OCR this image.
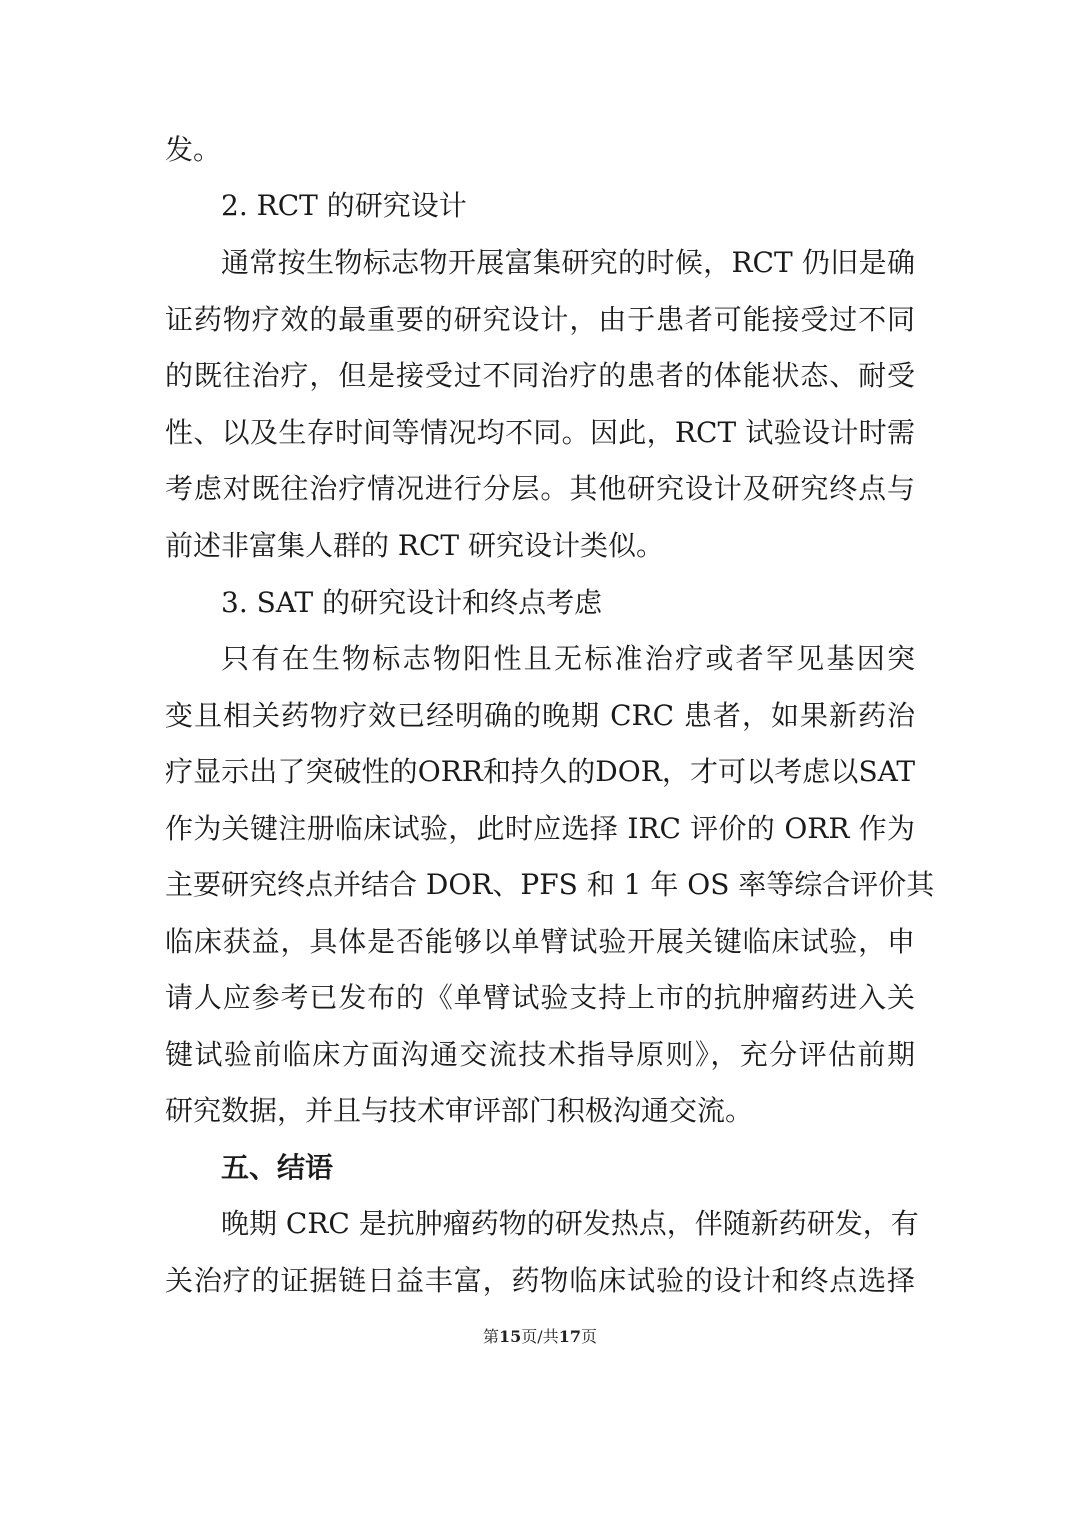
发。
2. RCT 的研究设计
通常按生物标志物开展富集研究的时候，RCT 仍旧是确
证药物疗效的最重要的研究设计，由于患者可能接受过不同
的既往治疗，但是接受过不同治疗的患者的体能状态、耐受
性、以及生存时间等情况均不同。因此，RCT 试验设计时需
考虑对既往治疗情况进行分层。其他研究设计及研究终点与
前述非富集人群的 RCT 研究设计类似。
3. SAT 的研究设计和终点考虑
只有在生物标志物阳性且无标准治疗或者罕见基因突
变且相关药物疗效已经明确的晚期 CRC 患者，如果新药治
疗显示出了突破性的ORR和持久的DOR，才可以考虑以SAT
作为关键注册临床试验，此时应选择 IRC 评价的 ORR 作为
主要研究终点并结合 DOR、PFS 和 1 年 OS 率等综合评价其
临床获益，具体是否能够以单臂试验开展关键临床试验，申
请人应参考已发布的《单臂试验支持上市的抗肿瘤药进入关
键试验前临床方面沟通交流技术指导原则》，充分评估前期
研究数据，并且与技术审评部门积极沟通交流。
五、结语
晚期 CRC 是抗肿瘤药物的研发热点，伴随新药研发，有
关治疗的证据链日益丰富，药物临床试验的设计和终点选择
第15页/共17页
